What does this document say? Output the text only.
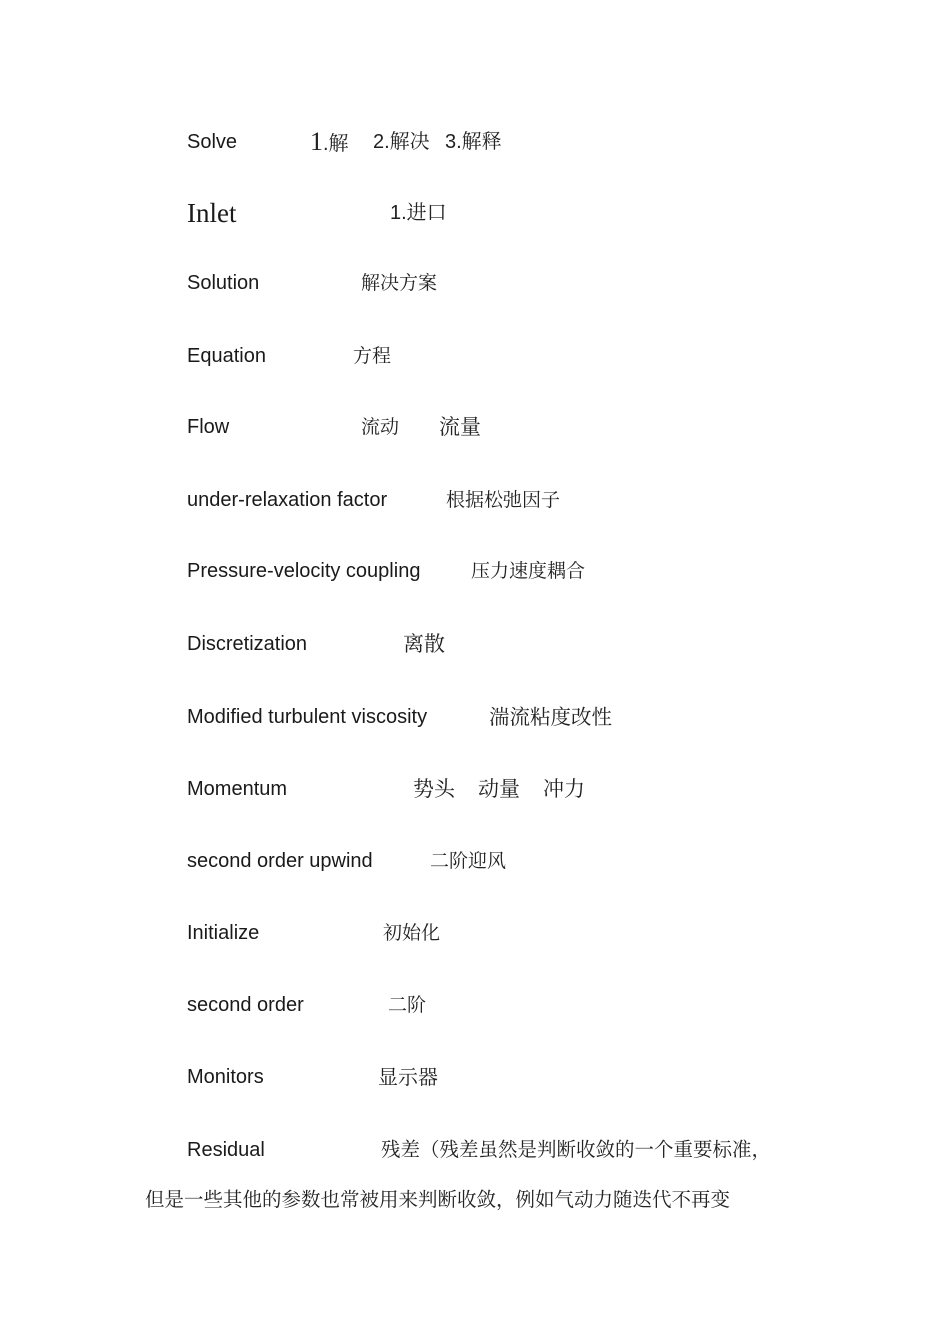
Solve	1.解 2.解决 3.解释
Inlet	1.进口
Solution	解决方案
Equation	方程
Flow	流动 流量
under-relaxation factor	根据松弛因子
Pressure-velocity coupling	压力速度耦合
Discretization	离散
Modified turbulent viscosity	湍流粘度改性
Momentum	势头 动量 冲力
second order upwind	二阶迎风
Initialize	初始化
second order	二阶
Monitors	显示器
Residual	残差（残差虽然是判断收敛的一个重要标准，
但是一些其他的参数也常被用来判断收敛，例如气动力随迭代不再变
